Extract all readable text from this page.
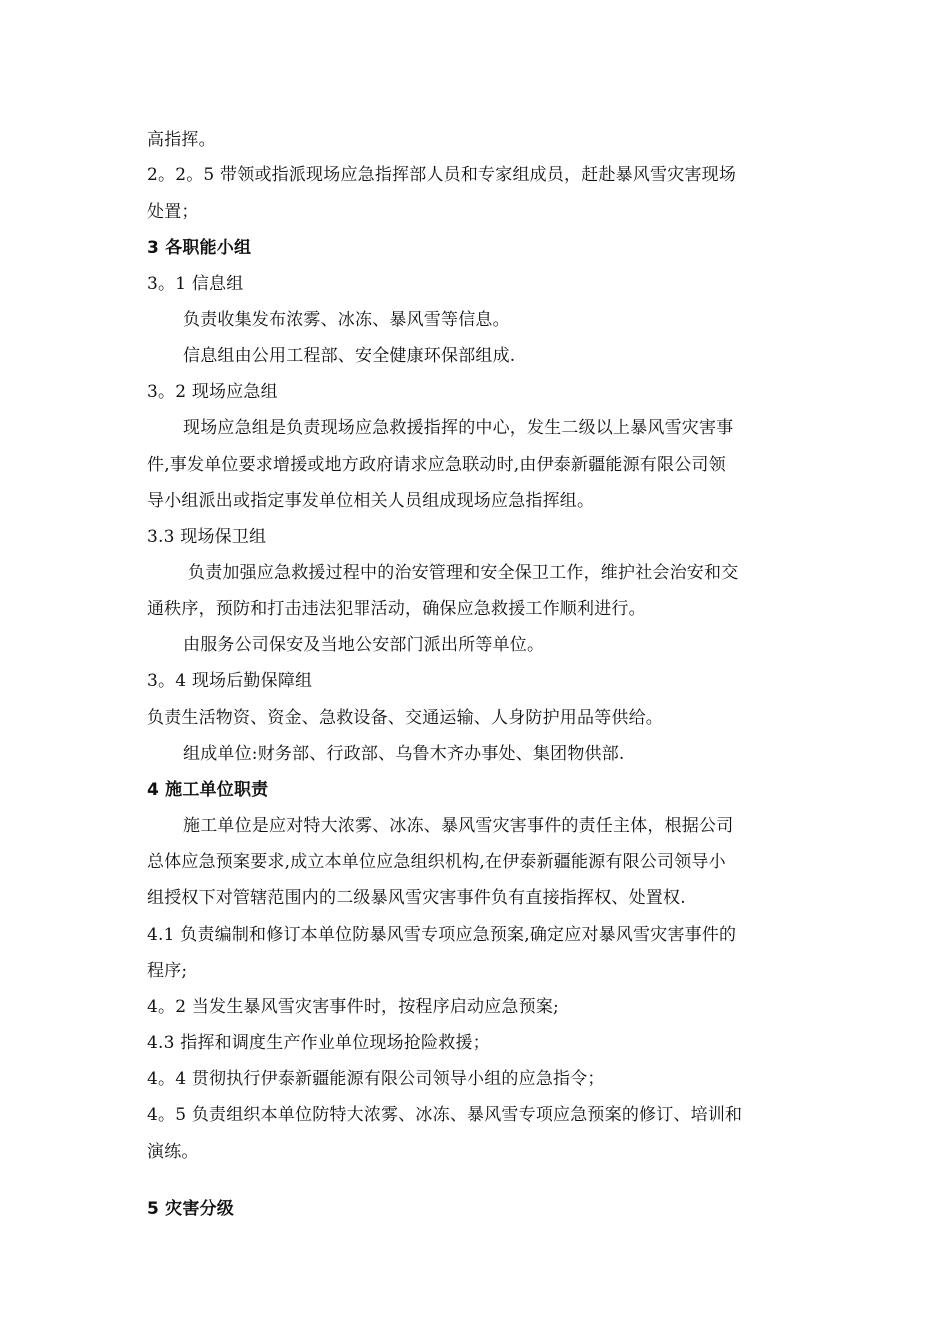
高指挥。
2。2。5 带领或指派现场应急指挥部人员和专家组成员，赶赴暴风雪灾害现场
处置；
3 各职能小组
3。1 信息组
负责收集发布浓雾、冰冻、暴风雪等信息。
信息组由公用工程部、安全健康环保部组成.
3。2 现场应急组
现场应急组是负责现场应急救援指挥的中心，发生二级以上暴风雪灾害事
件,事发单位要求增援或地方政府请求应急联动时,由伊泰新疆能源有限公司领
导小组派出或指定事发单位相关人员组成现场应急指挥组。
3.3 现场保卫组
负责加强应急救援过程中的治安管理和安全保卫工作，维护社会治安和交
通秩序，预防和打击违法犯罪活动，确保应急救援工作顺利进行。
由服务公司保安及当地公安部门派出所等单位。
3。4 现场后勤保障组
负责生活物资、资金、急救设备、交通运输、人身防护用品等供给。
组成单位:财务部、行政部、乌鲁木齐办事处、集团物供部.
4 施工单位职责
施工单位是应对特大浓雾、冰冻、暴风雪灾害事件的责任主体，根据公司
总体应急预案要求,成立本单位应急组织机构,在伊泰新疆能源有限公司领导小
组授权下对管辖范围内的二级暴风雪灾害事件负有直接指挥权、处置权.
4.1 负责编制和修订本单位防暴风雪专项应急预案,确定应对暴风雪灾害事件的
程序;
4。2 当发生暴风雪灾害事件时，按程序启动应急预案;
4.3 指挥和调度生产作业单位现场抢险救援；
4。4 贯彻执行伊泰新疆能源有限公司领导小组的应急指令；
4。5 负责组织本单位防特大浓雾、冰冻、暴风雪专项应急预案的修订、培训和
演练。
5 灾害分级
